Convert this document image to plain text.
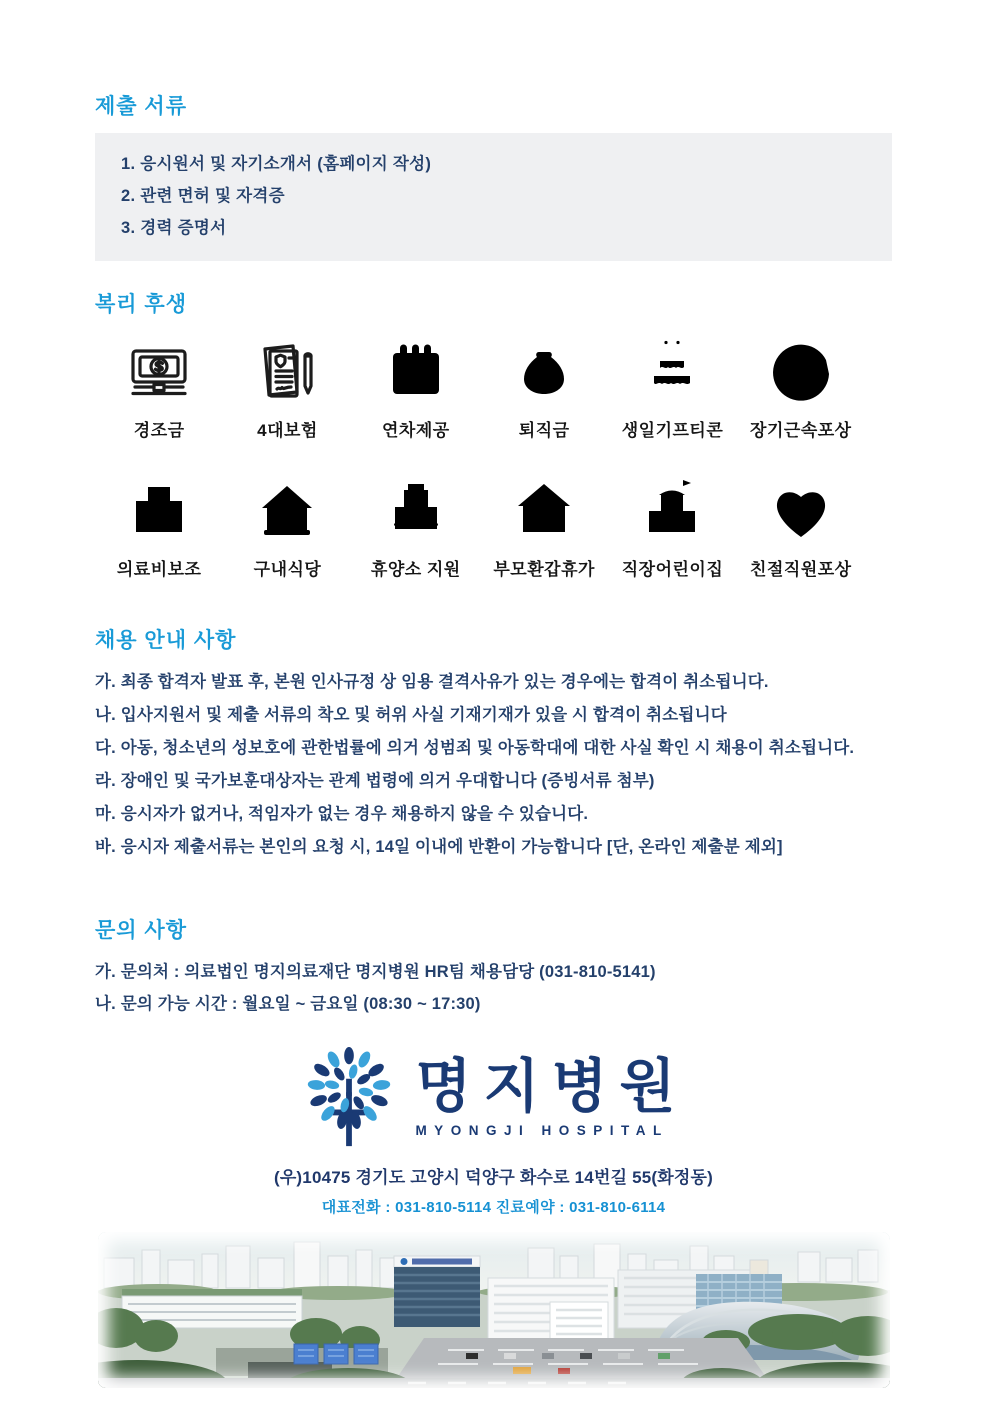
제출 서류
1. 응시원서 및 자기소개서 (홈페이지 작성)
2. 관련 면허 및 자격증
3. 경력 증명서
복리 후생
경조금	4대보험	연차제공	퇴직금	생일기프티콘 장기근속포상
의료비보조	구내식당	휴양소 지원 부모환갑휴가 직장어린이집 친절직원포상
채용 안내 사항
가. 최종 합격자 발표 후, 본원 인사규정 상 임용 결격사유가 있는 경우에는 합격이 취소됩니다.
나. 입사지원서 및 제출 서류의 착오 및 허위 사실 기재기재가 있을 시 합격이 취소됩니다
다. 아동, 청소년의 성보호에 관한법률에 의거 성범죄 및 아동학대에 대한 사실 확인 시 채용이 취소됩니다.
라. 장애인 및 국가보훈대상자는 관계 법령에 의거 우대합니다 (증빙서류 첨부)
마. 응시자가 없거나, 적임자가 없는 경우 채용하지 않을 수 있습니다.
바. 응시자 제출서류는 본인의 요청 시, 14일 이내에 반환이 가능합니다 [단, 온라인 제출분 제외]
문의 사항
가. 문의처 : 의료법인 명지의료재단 명지병원 HR팀 채용담당 (031-810-5141)
나. 문의 가능 시간 : 월요일 ~ 금요일 (08:30 ~ 17:30)
명지병원
MYONGJI HOSPITAL
(우)10475 경기도 고양시 덕양구 화수로 14번길 55(화정동)
대표전화 : 031-810-5114 진료예약 : 031-810-6114
